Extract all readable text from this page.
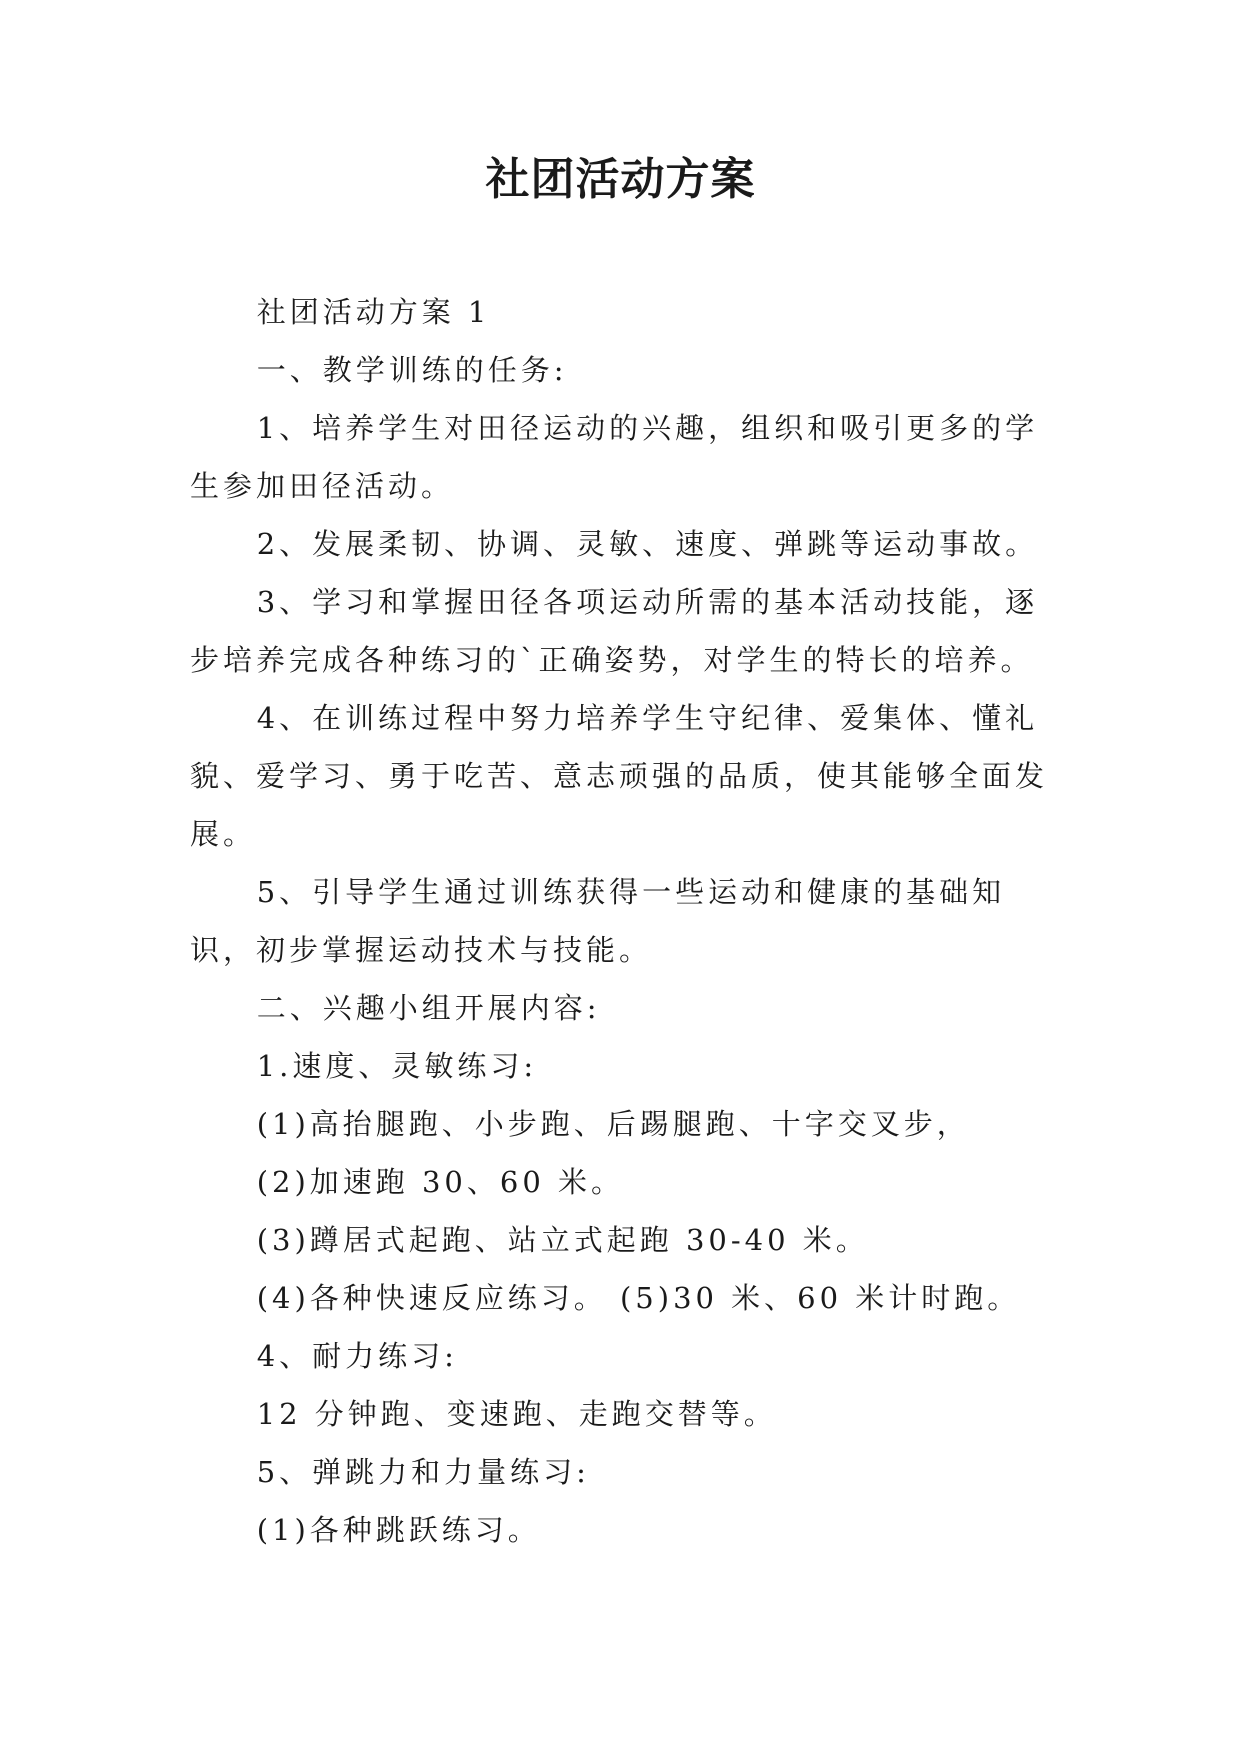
社团活动方案

社团活动方案 1

一、教学训练的任务:

1、培养学生对田径运动的兴趣，组织和吸引更多的学生参加田径活动。

2、发展柔韧、协调、灵敏、速度、弹跳等运动事故。

3、学习和掌握田径各项运动所需的基本活动技能，逐步培养完成各种练习的`正确姿势，对学生的特长的培养。

4、在训练过程中努力培养学生守纪律、爱集体、懂礼貌、爱学习、勇于吃苦、意志顽强的品质，使其能够全面发展。

5、引导学生通过训练获得一些运动和健康的基础知识，初步掌握运动技术与技能。

二、兴趣小组开展内容:

1.速度、灵敏练习:

(1)高抬腿跑、小步跑、后踢腿跑、十字交叉步，

(2)加速跑 30、60 米。

(3)蹲居式起跑、站立式起跑 30-40 米。

(4)各种快速反应练习。 (5)30 米、60 米计时跑。

4、耐力练习:

12 分钟跑、变速跑、走跑交替等。

5、弹跳力和力量练习:

(1)各种跳跃练习。
